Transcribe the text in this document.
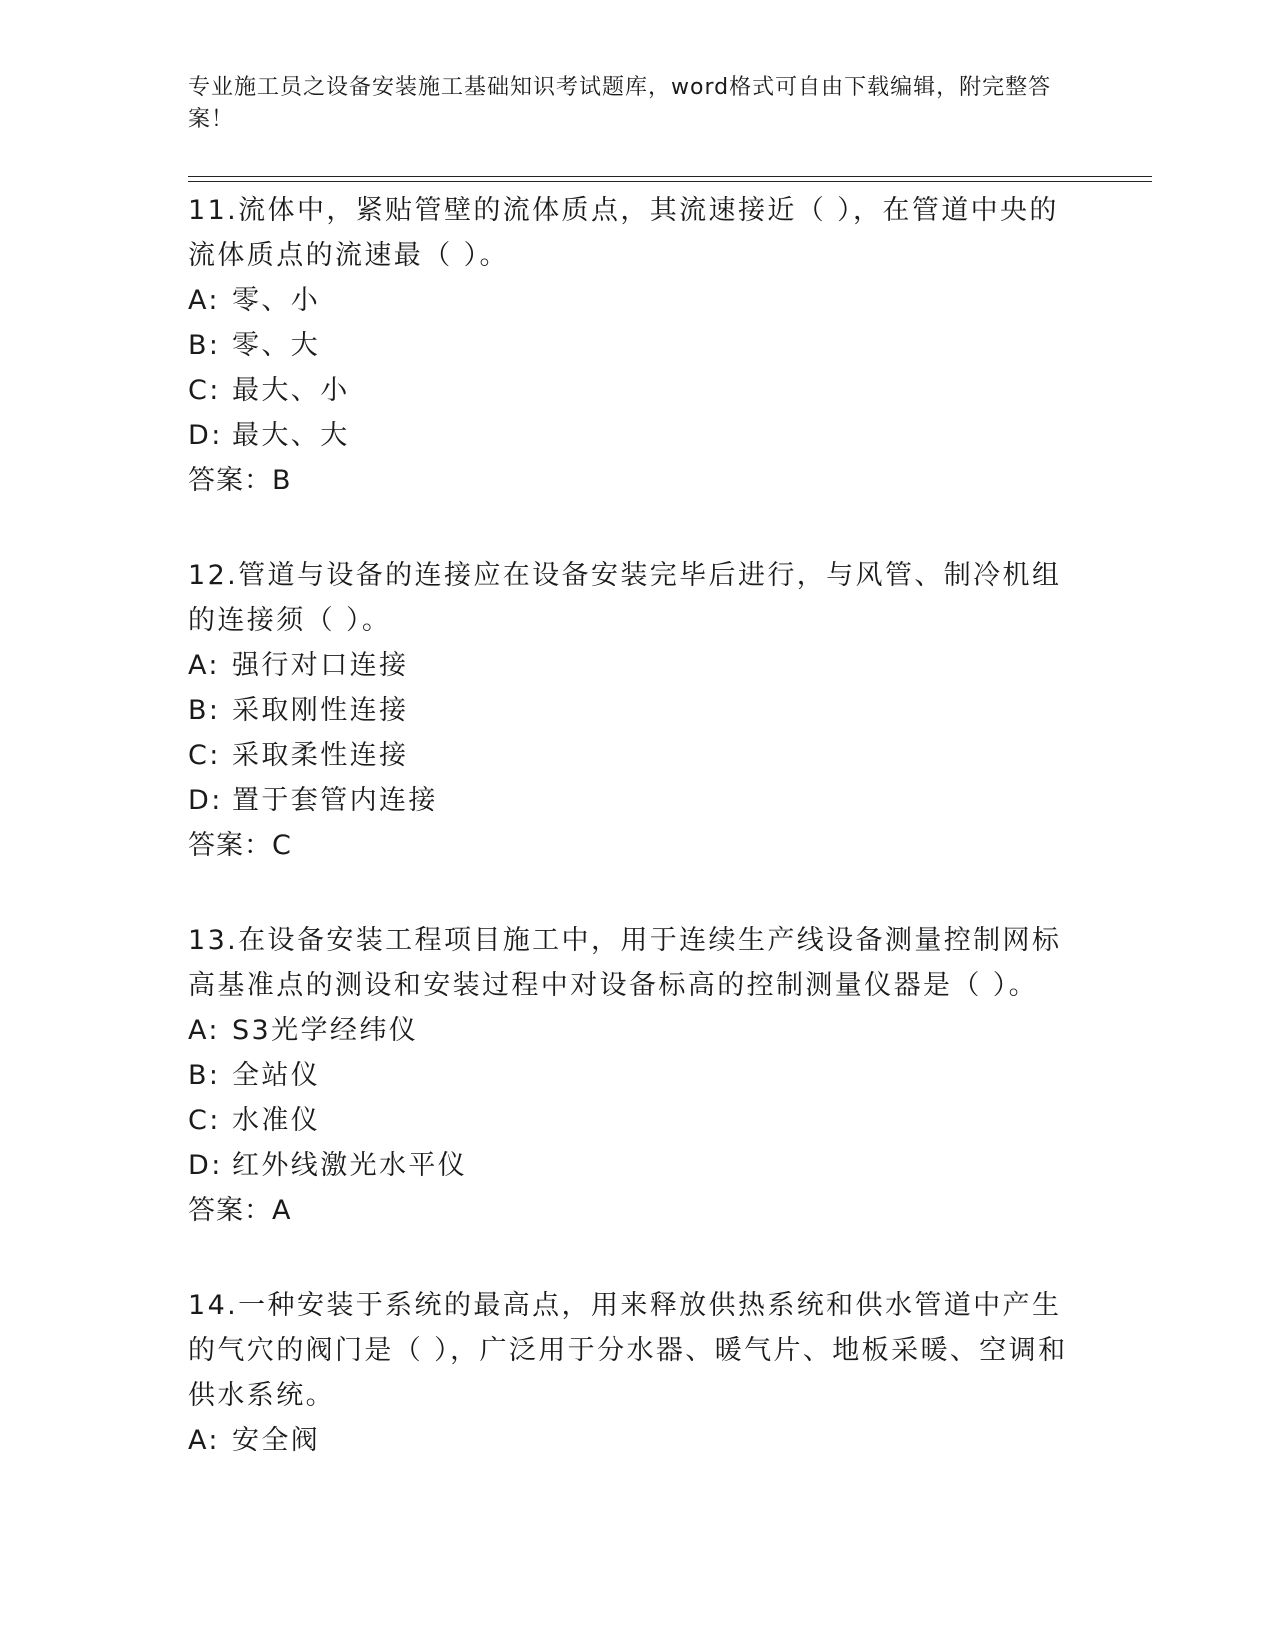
专业施工员之设备安装施工基础知识考试题库，word格式可自由下载编辑，附完整答案！

11.流体中，紧贴管壁的流体质点，其流速接近（ ），在管道中央的流体质点的流速最（ ）。

A: 零、小

B: 零、大

C: 最大、小

D: 最大、大

答案：B

12.管道与设备的连接应在设备安装完毕后进行，与风管、制冷机组的连接须（ ）。

A: 强行对口连接

B: 采取刚性连接

C: 采取柔性连接

D: 置于套管内连接

答案：C

13.在设备安装工程项目施工中，用于连续生产线设备测量控制网标高基准点的测设和安装过程中对设备标高的控制测量仪器是（ ）。

A: S3光学经纬仪

B: 全站仪

C: 水准仪

D: 红外线激光水平仪

答案：A

14.一种安装于系统的最高点，用来释放供热系统和供水管道中产生的气穴的阀门是（ ），广泛用于分水器、暖气片、地板采暖、空调和供水系统。

A: 安全阀
